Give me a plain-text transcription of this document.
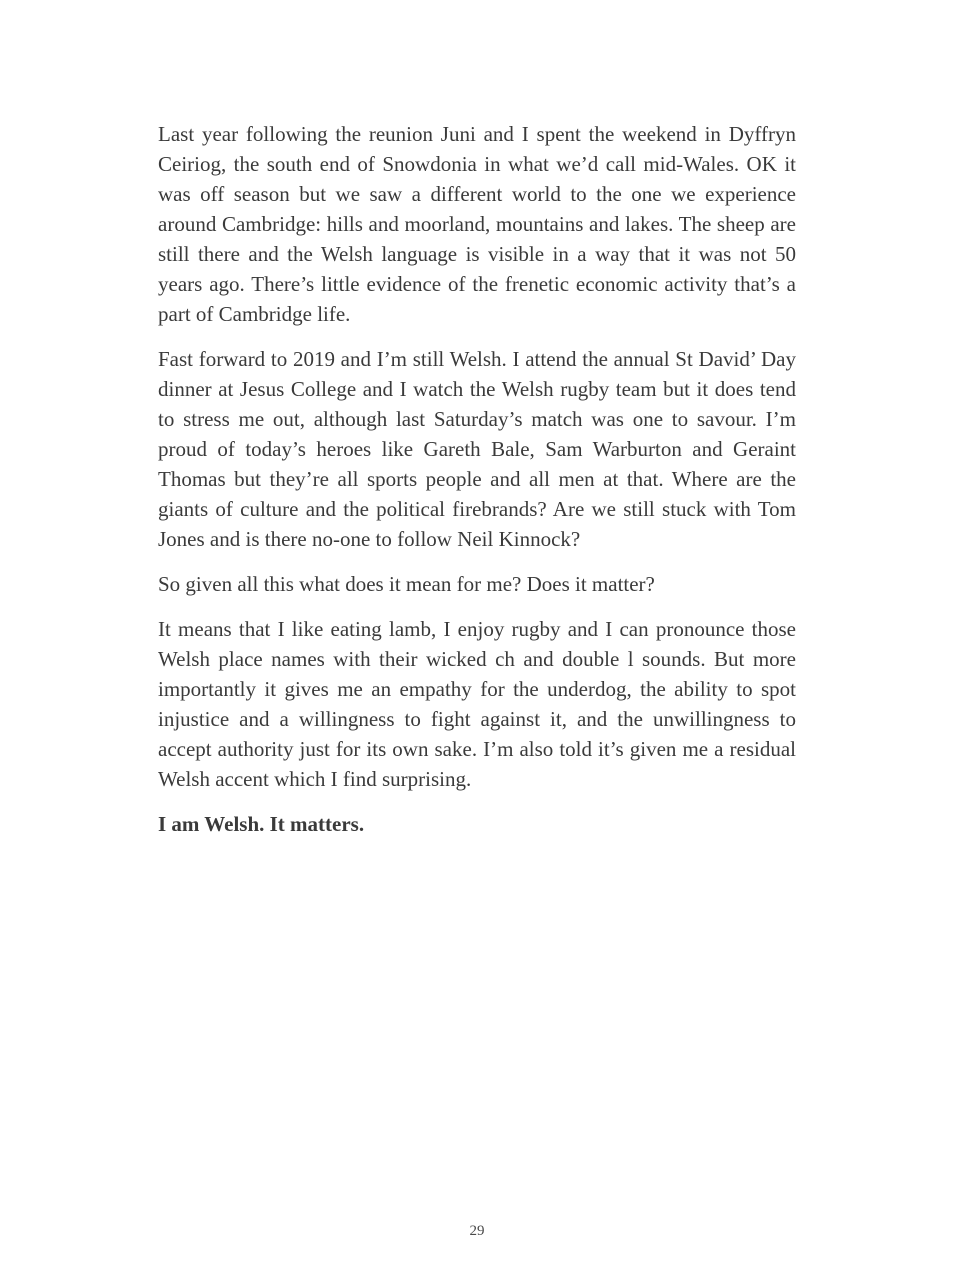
Last year following the reunion Juni and I spent the weekend in Dyffryn Ceiriog, the south end of Snowdonia in what we’d call mid-Wales. OK it was off season but we saw a different world to the one we experience around Cambridge: hills and moorland, mountains and lakes. The sheep are still there and the Welsh language is visible in a way that it was not 50 years ago. There’s little evidence of the frenetic economic activity that’s a part of Cambridge life.

Fast forward to 2019 and I’m still Welsh. I attend the annual St David’ Day dinner at Jesus College and I watch the Welsh rugby team but it does tend to stress me out, although last Saturday’s match was one to savour. I’m proud of today’s heroes like Gareth Bale, Sam Warburton and Geraint Thomas but they’re all sports people and all men at that. Where are the giants of culture and the political firebrands? Are we still stuck with Tom Jones and is there no-one to follow Neil Kinnock?

So given all this what does it mean for me? Does it matter?

It means that I like eating lamb, I enjoy rugby and I can pronounce those Welsh place names with their wicked ch and double l sounds. But more importantly it gives me an empathy for the underdog, the ability to spot injustice and a willingness to fight against it, and the unwillingness to accept authority just for its own sake. I’m also told it’s given me a residual Welsh accent which I find surprising.

I am Welsh. It matters.

29
